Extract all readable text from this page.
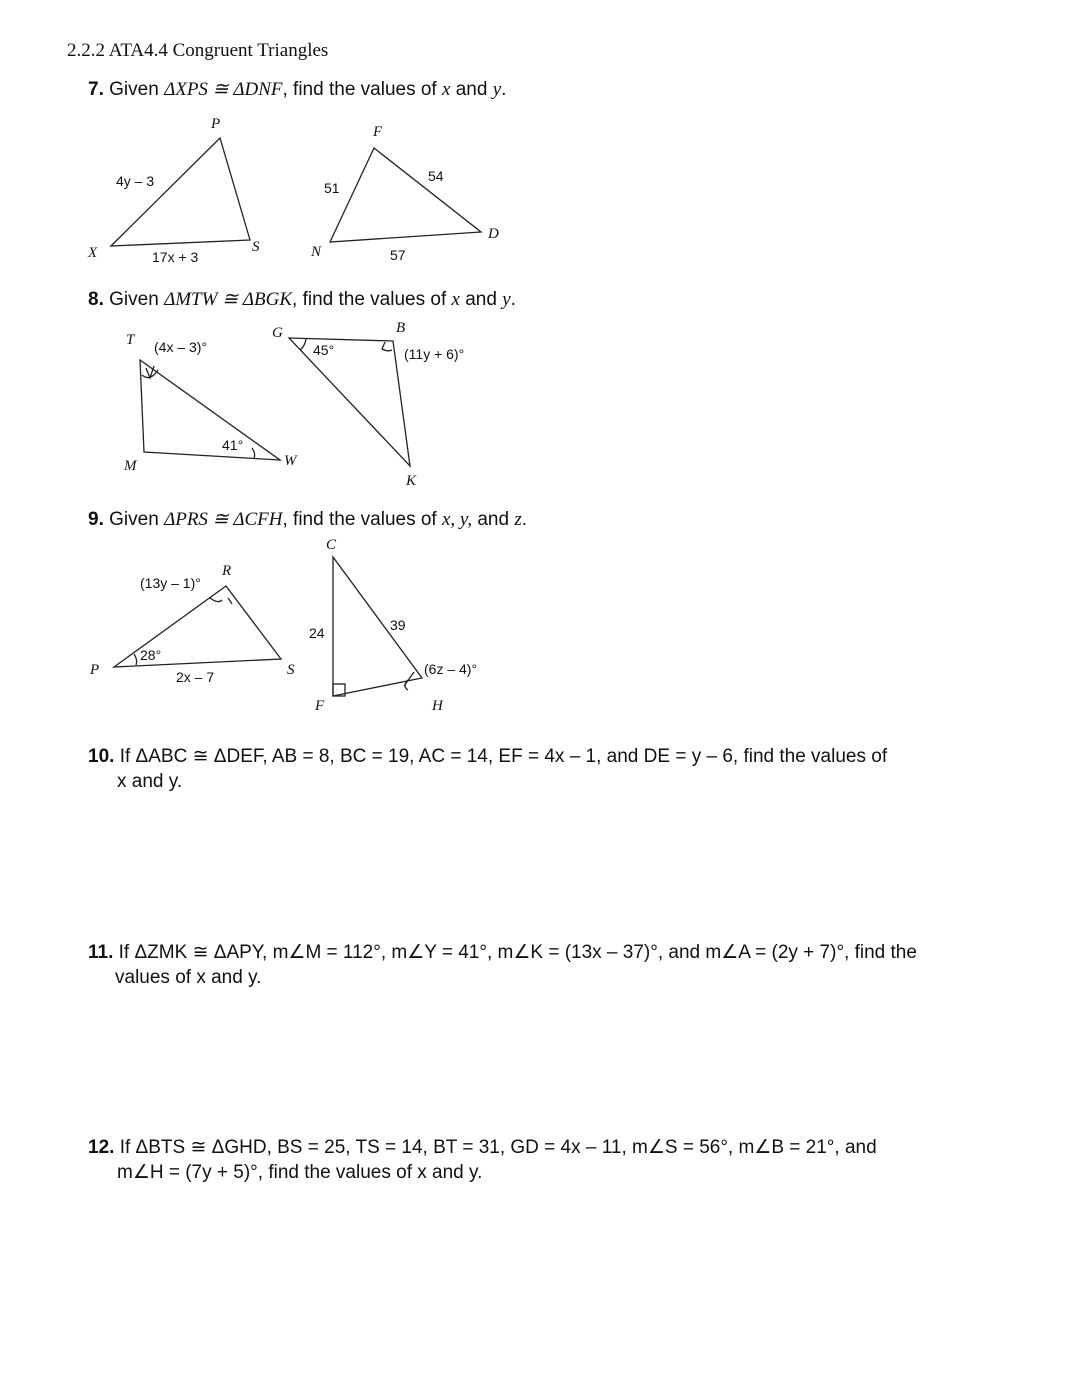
2.2.2 ATA4.4 Congruent Triangles
7. Given ΔXPS ≅ ΔDNF, find the values of x and y.
P
X	S
F
N
D
4y – 3
17x + 3
51
54
57
8. Given ΔMTW ≅ ΔBGK, find the values of x and y.
T
M	W
G	B
K
(4x – 3)°
41°
45°	(11y + 6)°
9. Given ΔPRS ≅ ΔCFH, find the values of x, y, and z.
R
P	S
C
F	H
(13y – 1)°
28°
2x – 7
24	39
(6z – 4)°
10. If ΔABC ≅ ΔDEF, AB = 8, BC = 19, AC = 14, EF = 4x – 1, and DE = y – 6, find the values of
x and y.
11. If ΔZMK ≅ ΔAPY, m∠M = 112°, m∠Y = 41°, m∠K = (13x – 37)°, and m∠A = (2y + 7)°, find the
values of x and y.
12. If ΔBTS ≅ ΔGHD, BS = 25, TS = 14, BT = 31, GD = 4x – 11, m∠S = 56°, m∠B = 21°, and
m∠H = (7y + 5)°, find the values of x and y.
